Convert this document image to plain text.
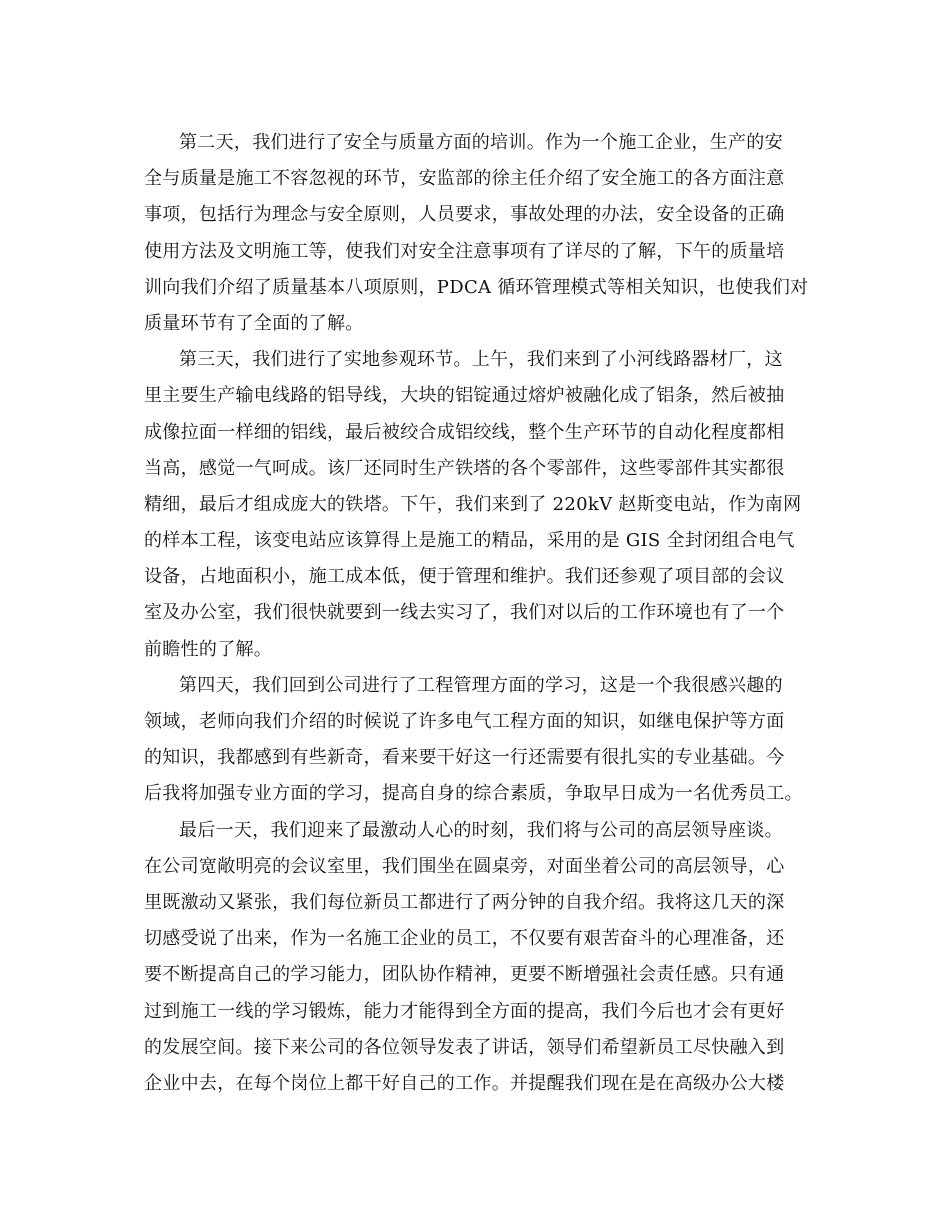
第二天，我们进行了安全与质量方面的培训。作为一个施工企业，生产的安
全与质量是施工不容忽视的环节，安监部的徐主任介绍了安全施工的各方面注意
事项，包括行为理念与安全原则，人员要求，事故处理的办法，安全设备的正确
使用方法及文明施工等，使我们对安全注意事项有了详尽的了解，下午的质量培
训向我们介绍了质量基本八项原则，PDCA 循环管理模式等相关知识，也使我们对
质量环节有了全面的了解。
第三天，我们进行了实地参观环节。上午，我们来到了小河线路器材厂，这
里主要生产输电线路的铝导线，大块的铝锭通过熔炉被融化成了铝条，然后被抽
成像拉面一样细的铝线，最后被绞合成铝绞线，整个生产环节的自动化程度都相
当高，感觉一气呵成。该厂还同时生产铁塔的各个零部件，这些零部件其实都很
精细，最后才组成庞大的铁塔。下午，我们来到了 220kV 赵斯变电站，作为南网
的样本工程，该变电站应该算得上是施工的精品，采用的是 GIS 全封闭组合电气
设备，占地面积小，施工成本低，便于管理和维护。我们还参观了项目部的会议
室及办公室，我们很快就要到一线去实习了，我们对以后的工作环境也有了一个
前瞻性的了解。
第四天，我们回到公司进行了工程管理方面的学习，这是一个我很感兴趣的
领域，老师向我们介绍的时候说了许多电气工程方面的知识，如继电保护等方面
的知识，我都感到有些新奇，看来要干好这一行还需要有很扎实的专业基础。今
后我将加强专业方面的学习，提高自身的综合素质，争取早日成为一名优秀员工。
最后一天，我们迎来了最激动人心的时刻，我们将与公司的高层领导座谈。
在公司宽敞明亮的会议室里，我们围坐在圆桌旁，对面坐着公司的高层领导，心
里既激动又紧张，我们每位新员工都进行了两分钟的自我介绍。我将这几天的深
切感受说了出来，作为一名施工企业的员工，不仅要有艰苦奋斗的心理准备，还
要不断提高自己的学习能力，团队协作精神，更要不断增强社会责任感。只有通
过到施工一线的学习锻炼，能力才能得到全方面的提高，我们今后也才会有更好
的发展空间。接下来公司的各位领导发表了讲话，领导们希望新员工尽快融入到
企业中去，在每个岗位上都干好自己的工作。并提醒我们现在是在高级办公大楼
